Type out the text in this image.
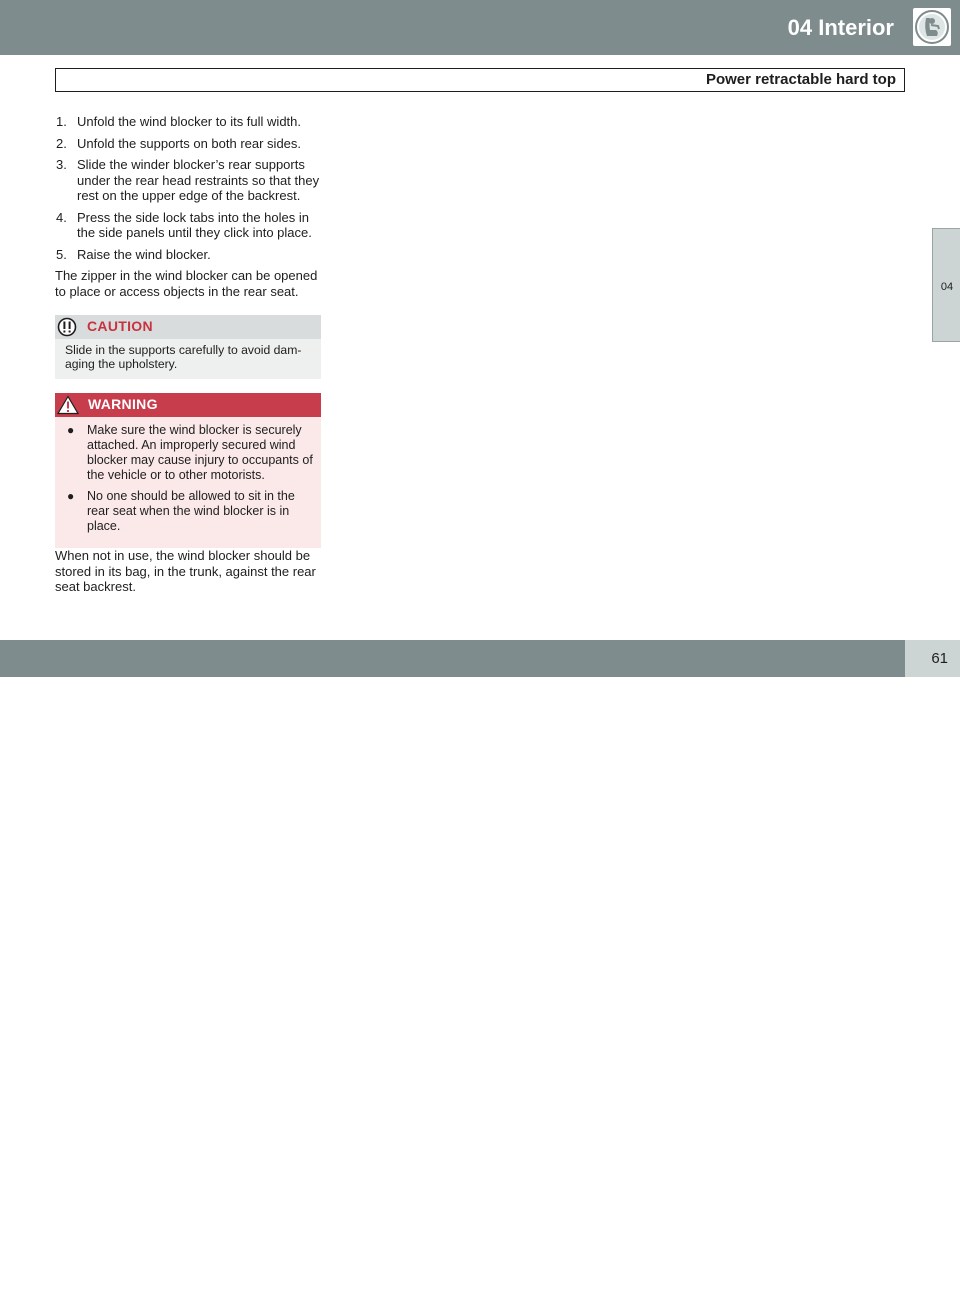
04 Interior
Power retractable hard top
04
1. Unfold the wind blocker to its full width.
2. Unfold the supports on both rear sides.
3. Slide the winder blocker’s rear supports under the rear head restraints so that they rest on the upper edge of the backrest.
4. Press the side lock tabs into the holes in the side panels until they click into place.
5. Raise the wind blocker.

The zipper in the wind blocker can be opened to place or access objects in the rear seat.

CAUTION
Slide in the supports carefully to avoid dam-aging the upholstery.
WARNING
● Make sure the wind blocker is securely attached. An improperly secured wind blocker may cause injury to occupants of the vehicle or to other motorists.
● No one should be allowed to sit in the rear seat when the wind blocker is in place.

When not in use, the wind blocker should be stored in its bag, in the trunk, against the rear seat backrest.

carmanualsonline.info
61
